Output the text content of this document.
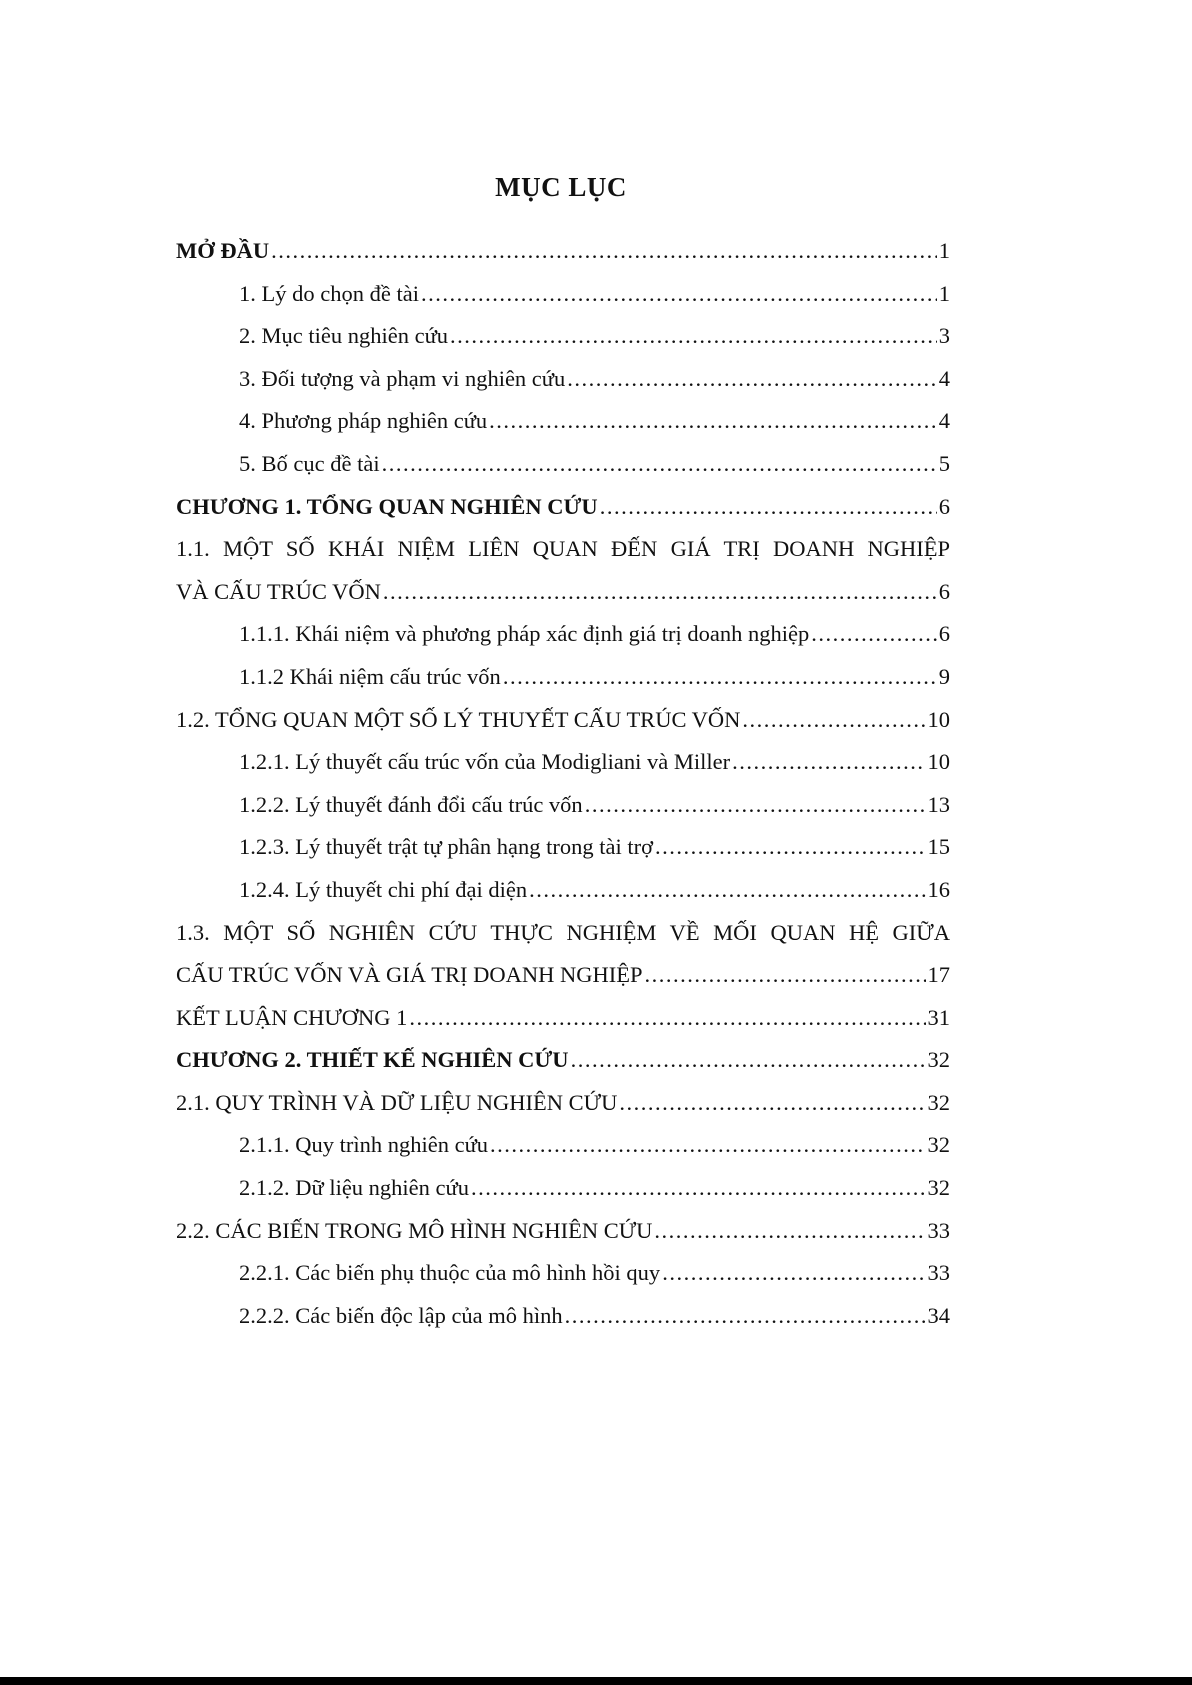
MỤC LỤC
MỞ ĐẦU .....	1
1. Lý do chọn đề tài .....	1
2. Mục tiêu nghiên cứu .....	3
3. Đối tượng và phạm vi nghiên cứu .....	4
4. Phương pháp nghiên cứu .....	4
5. Bố cục đề tài .....	5
CHƯƠNG 1. TỔNG QUAN NGHIÊN CỨU .....	6
1.1. MỘT SỐ KHÁI NIỆM LIÊN QUAN ĐẾN GIÁ TRỊ DOANH NGHIỆP
VÀ CẤU TRÚC VỐN .....	6
1.1.1. Khái niệm và phương pháp xác định giá trị doanh nghiệp .....	6
1.1.2 Khái niệm cấu trúc vốn .....	9
1.2. TỔNG QUAN MỘT SỐ LÝ THUYẾT CẤU TRÚC VỐN .....	10
1.2.1. Lý thuyết cấu trúc vốn của Modigliani và Miller .....	10
1.2.2. Lý thuyết đánh đổi cấu trúc vốn .....	13
1.2.3. Lý thuyết trật tự phân hạng trong tài trợ .....	15
1.2.4. Lý thuyết chi phí đại diện .....	16
1.3. MỘT SỐ NGHIÊN CỨU THỰC NGHIỆM VỀ MỐI QUAN HỆ GIỮA
CẤU TRÚC VỐN VÀ GIÁ TRỊ DOANH NGHIỆP .....	17
KẾT LUẬN CHƯƠNG 1 .....	31
CHƯƠNG 2. THIẾT KẾ NGHIÊN CỨU .....	32
2.1. QUY TRÌNH VÀ DỮ LIỆU NGHIÊN CỨU .....	32
2.1.1. Quy trình nghiên cứu .....	32
2.1.2. Dữ liệu nghiên cứu .....	32
2.2. CÁC BIẾN TRONG MÔ HÌNH NGHIÊN CỨU .....	33
2.2.1. Các biến phụ thuộc của mô hình hồi quy .....	33
2.2.2. Các biến độc lập của mô hình .....	34
